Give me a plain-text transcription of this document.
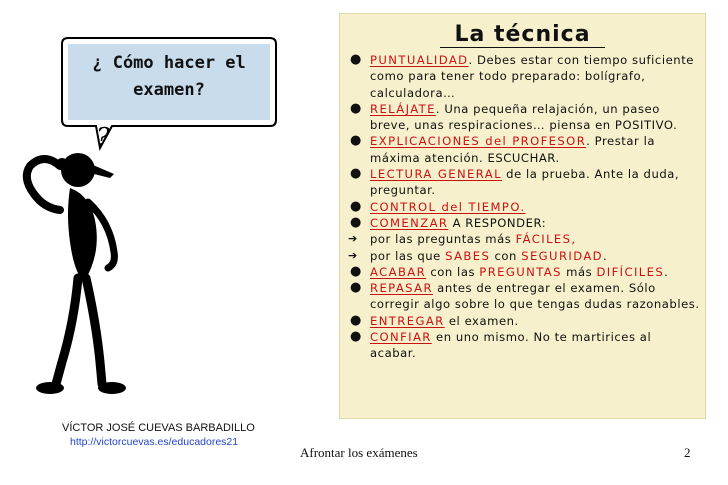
¿ Cómo hacer el
examen?
?
VÍCTOR JOSÉ CUEVAS BARBADILLO
http://victorcuevas.es/educadores21
La técnica

● PUNTUALIDAD. Debes estar con tiempo suficiente como para tener todo preparado: bolígrafo, calculadora…

● RELÁJATE. Una pequeña relajación, un paseo breve, unas respiraciones… piensa en POSITIVO.

● EXPLICACIONES del PROFESOR. Prestar la máxima atención. ESCUCHAR.

● LECTURA GENERAL de la prueba. Ante la duda, preguntar.

● CONTROL del TIEMPO.

● COMENZAR A RESPONDER:

➔ por las preguntas más FÁCILES,

➔ por las que SABES con SEGURIDAD.

● ACABAR con las PREGUNTAS más DIFÍCILES.

● REPASAR antes de entregar el examen. Sólo corregir algo sobre lo que tengas dudas razonables.

● ENTREGAR el examen.

● CONFIAR en uno mismo. No te martirices al acabar.

Afrontar los exámenes	2
